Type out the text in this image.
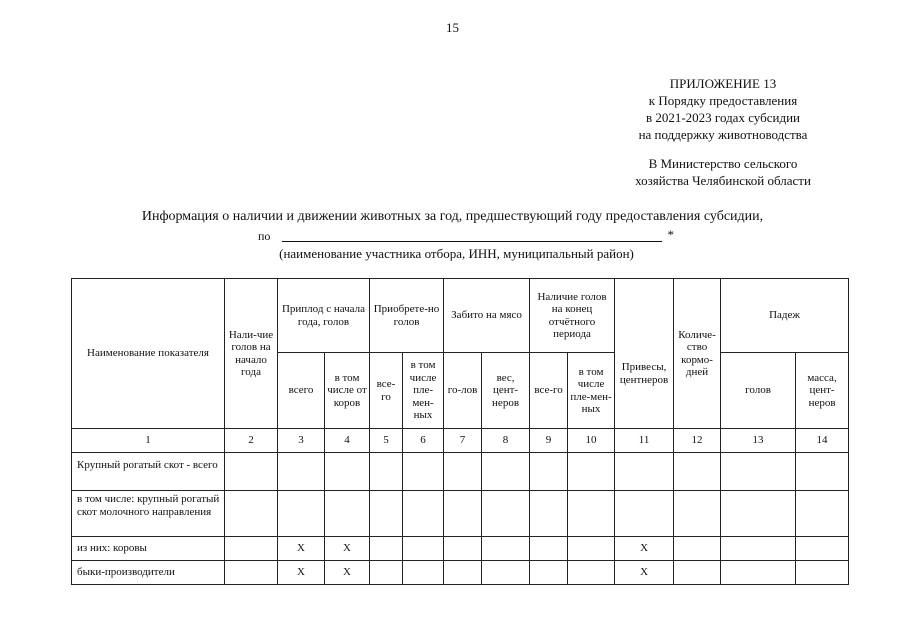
15
ПРИЛОЖЕНИЕ 13
к Порядку предоставления
в 2021-2023 годах субсидии
на поддержку животноводства
В Министерство сельского
хозяйства Челябинской области
Информация о наличии и движении животных за год, предшествующий году предоставления субсидии,
по	*
(наименование участника отбора, ИНН, муниципальный район)
Наименование показателя	Нали-чие голов на начало года	Приплод с начала года, голов		Приобрете-но голов		Забито на мясо		Наличие голов на конец отчётного периода		Привесы, центнеров	Количе-ство кормо-дней	Падеж	
		всего	в том числе от коров	все-го	в том числе пле-мен-ных	го-лов	вес, цент-неров	все-го	в том числе пле-мен-ных			голов	масса, цент-неров
1	2	3	4	5	6	7	8	9	10	11	12	13	14
Крупный рогатый скот - всего													
в том числе: крупный рогатый скот молочного направления													
из них: коровы		X	X							X			
быки-производители		X	X							X			
